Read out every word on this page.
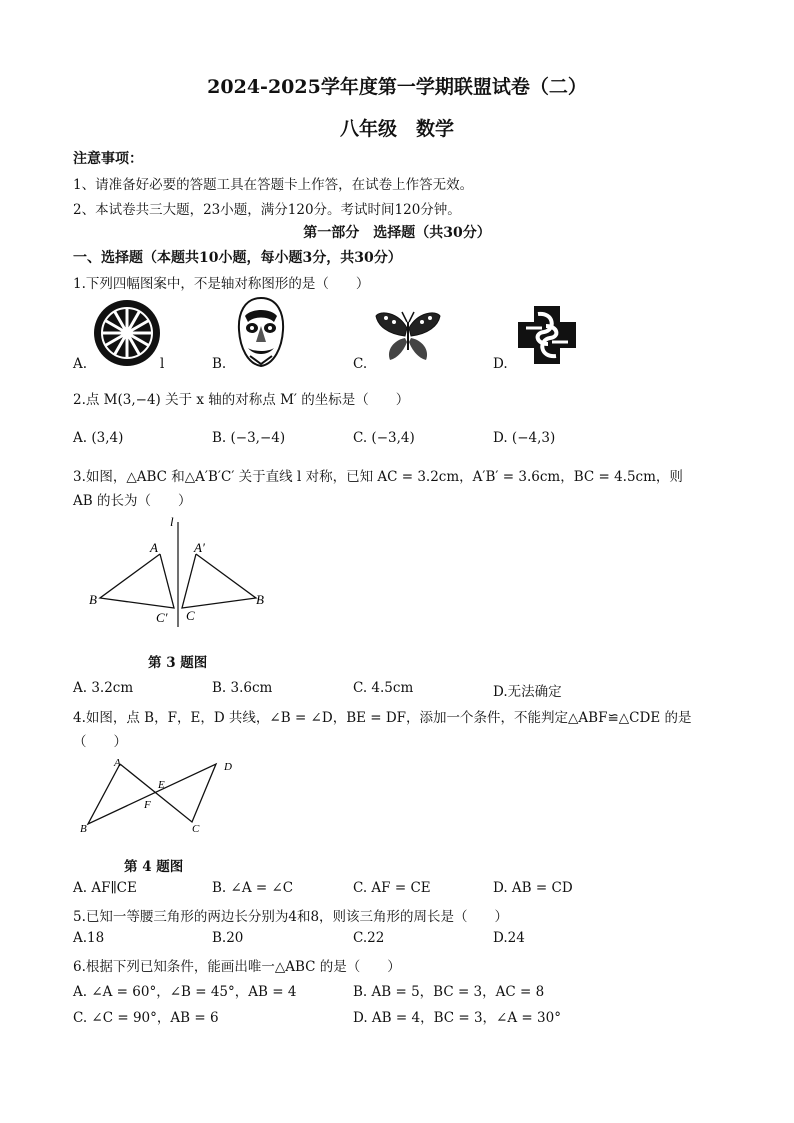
2024-2025学年度第一学期联盟试卷（二）
八年级　数学
注意事项：
1、请准备好必要的答题工具在答题卡上作答，在试卷上作答无效。
2、本试卷共三大题，23小题，满分120分。考试时间120分钟。
第一部分　选择题（共30分）
一、选择题（本题共10小题，每小题3分，共30分）
1.下列四幅图案中，不是轴对称图形的是（　　）
A.	l	B.	C.	D.
2.点 M(3,−4) 关于 x 轴的对称点 M′ 的坐标是（　　）
A. (3,4)	B. (−3,−4)	C. (−3,4)	D. (−4,3)
3.如图，△ABC 和△A′B′C′ 关于直线 l 对称，已知 AC = 3.2cm，A′B′ = 3.6cm，BC = 4.5cm，则
AB 的长为（　　）
l
A	A′
B	B
C′ C
第 3 题图
A. 3.2cm	B. 3.6cm	C. 4.5cm	D.无法确定
4.如图，点 B，F，E，D 共线，∠B = ∠D，BE = DF，添加一个条件，不能判定△ABF≌△CDE 的是
（　　）
A
B	C
D
E
F
第 4 题图
A. AF∥CE	B. ∠A = ∠C	C. AF = CE	D. AB = CD
5.已知一等腰三角形的两边长分别为4和8，则该三角形的周长是（　　）
A.18	B.20	C.22	D.24
6.根据下列已知条件，能画出唯一△ABC 的是（　　）
A. ∠A = 60°，∠B = 45°，AB = 4	B. AB = 5，BC = 3，AC = 8
C. ∠C = 90°，AB = 6	D. AB = 4，BC = 3，∠A = 30°
